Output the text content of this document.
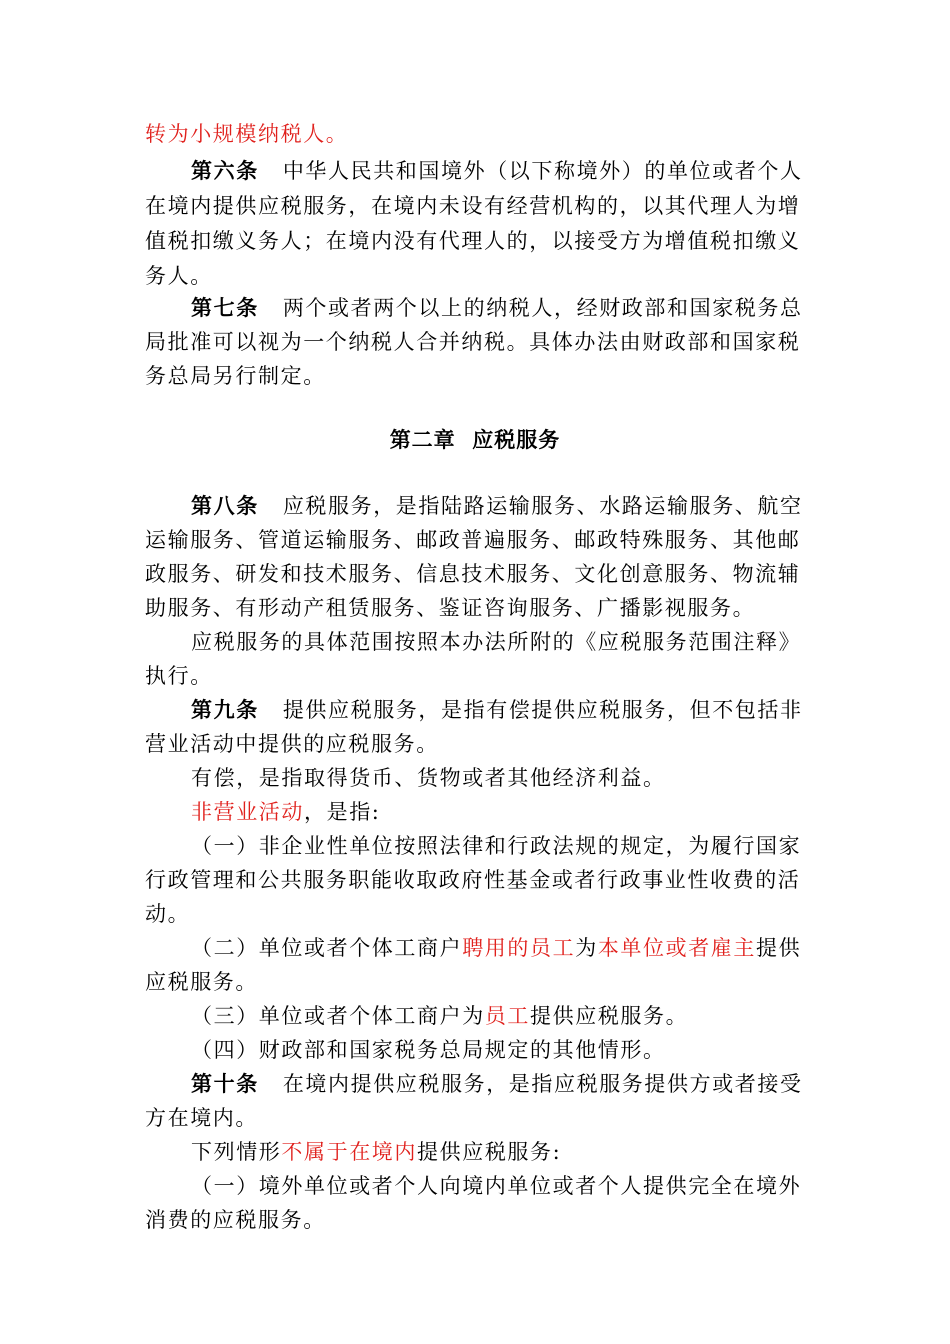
转为小规模纳税人。
第六条 中华人民共和国境外（以下称境外）的单位或者个人
在境内提供应税服务，在境内未设有经营机构的，以其代理人为增
值税扣缴义务人；在境内没有代理人的，以接受方为增值税扣缴义
务人。
第七条 两个或者两个以上的纳税人，经财政部和国家税务总
局批准可以视为一个纳税人合并纳税。具体办法由财政部和国家税
务总局另行制定。
第二章  应税服务
第八条 应税服务，是指陆路运输服务、水路运输服务、航空
运输服务、管道运输服务、邮政普遍服务、邮政特殊服务、其他邮
政服务、研发和技术服务、信息技术服务、文化创意服务、物流辅
助服务、有形动产租赁服务、鉴证咨询服务、广播影视服务。
应税服务的具体范围按照本办法所附的《应税服务范围注释》
执行。
第九条 提供应税服务，是指有偿提供应税服务，但不包括非
营业活动中提供的应税服务。
有偿，是指取得货币、货物或者其他经济利益。
非营业活动，是指:
（一）非企业性单位按照法律和行政法规的规定，为履行国家
行政管理和公共服务职能收取政府性基金或者行政事业性收费的活
动。
（二）单位或者个体工商户聘用的员工为本单位或者雇主提供
应税服务。
（三）单位或者个体工商户为员工提供应税服务。
（四）财政部和国家税务总局规定的其他情形。
第十条 在境内提供应税服务，是指应税服务提供方或者接受
方在境内。
下列情形不属于在境内提供应税服务:
（一）境外单位或者个人向境内单位或者个人提供完全在境外
消费的应税服务。
